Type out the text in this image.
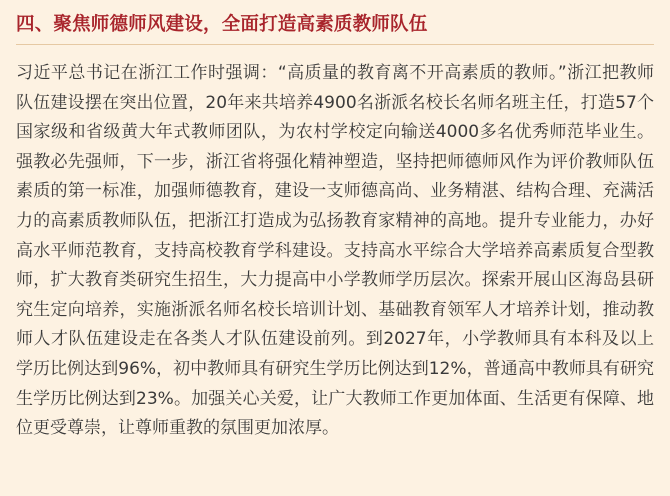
四、聚焦师德师风建设，全面打造高素质教师队伍

习近平总书记在浙江工作时强调：“高质量的教育离不开高素质的教师。”浙江把教师队伍建设摆在突出位置，20年来共培养4900名浙派名校长名师名班主任，打造57个国家级和省级黄大年式教师团队，为农村学校定向输送4000多名优秀师范毕业生。强教必先强师，下一步，浙江省将强化精神塑造，坚持把师德师风作为评价教师队伍素质的第一标准，加强师德教育，建设一支师德高尚、业务精湛、结构合理、充满活力的高素质教师队伍，把浙江打造成为弘扬教育家精神的高地。提升专业能力，办好高水平师范教育，支持高校教育学科建设。支持高水平综合大学培养高素质复合型教师，扩大教育类研究生招生，大力提高中小学教师学历层次。探索开展山区海岛县研究生定向培养，实施浙派名师名校长培训计划、基础教育领军人才培养计划，推动教师人才队伍建设走在各类人才队伍建设前列。到2027年，小学教师具有本科及以上学历比例达到96%，初中教师具有研究生学历比例达到12%，普通高中教师具有研究生学历比例达到23%。加强关心关爱，让广大教师工作更加体面、生活更有保障、地位更受尊崇，让尊师重教的氛围更加浓厚。
